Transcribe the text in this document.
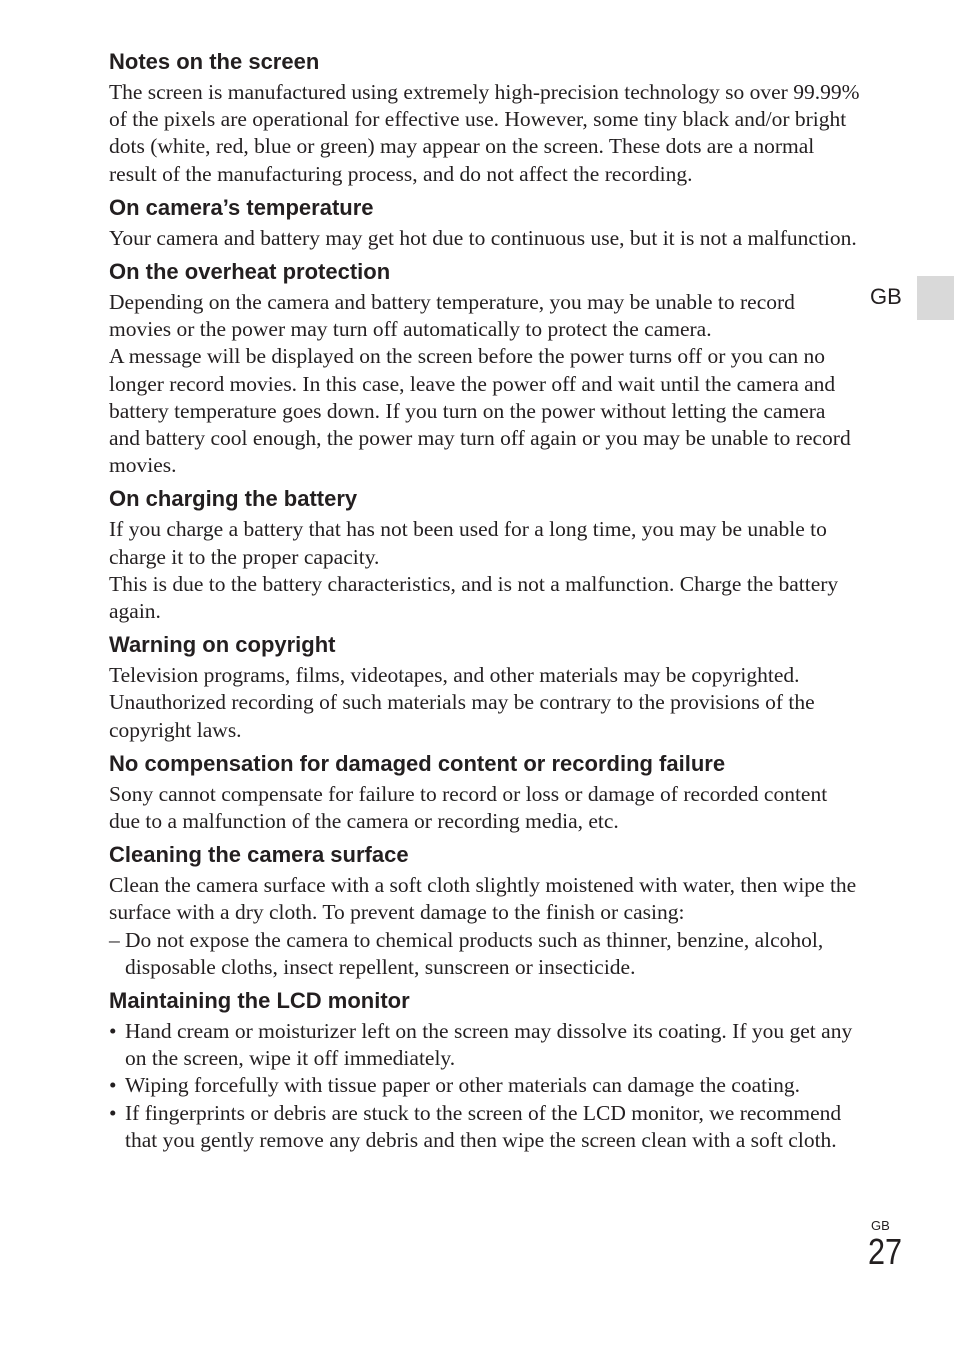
GB
Notes on the screen

The screen is manufactured using extremely high-precision technology so over 99.99% of the pixels are operational for effective use. However, some tiny black and/or bright dots (white, red, blue or green) may appear on the screen. These dots are a normal result of the manufacturing process, and do not affect the recording.

On camera’s temperature

Your camera and battery may get hot due to continuous use, but it is not a malfunction.

On the overheat protection

Depending on the camera and battery temperature, you may be unable to record movies or the power may turn off automatically to protect the camera.

A message will be displayed on the screen before the power turns off or you can no longer record movies. In this case, leave the power off and wait until the camera and battery temperature goes down. If you turn on the power without letting the camera and battery cool enough, the power may turn off again or you may be unable to record movies.

On charging the battery

If you charge a battery that has not been used for a long time, you may be unable to charge it to the proper capacity.

This is due to the battery characteristics, and is not a malfunction. Charge the battery again.

Warning on copyright

Television programs, films, videotapes, and other materials may be copyrighted. Unauthorized recording of such materials may be contrary to the provisions of the copyright laws.

No compensation for damaged content or recording failure

Sony cannot compensate for failure to record or loss or damage of recorded content due to a malfunction of the camera or recording media, etc.

Cleaning the camera surface

Clean the camera surface with a soft cloth slightly moistened with water, then wipe the surface with a dry cloth. To prevent damage to the finish or casing:

– Do not expose the camera to chemical products such as thinner, benzine, alcohol, disposable cloths, insect repellent, sunscreen or insecticide.
Maintaining the LCD monitor
• Hand cream or moisturizer left on the screen may dissolve its coating. If you get any on the screen, wipe it off immediately.
• Wiping forcefully with tissue paper or other materials can damage the coating.
• If fingerprints or debris are stuck to the screen of the LCD monitor, we recommend that you gently remove any debris and then wipe the screen clean with a soft cloth.
GB
27
